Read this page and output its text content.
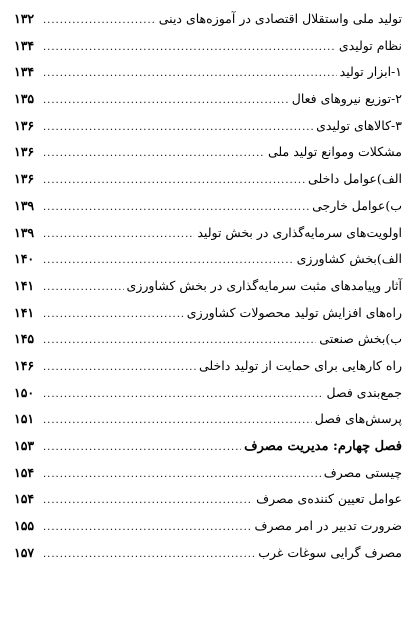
۱۳۲ .....	تولید ملی واستقلال اقتصادی در آموزه‌های دینی
۱۳۴ .....	نظام تولیدی
۱۳۴ .....	۱-ابزار تولید
۱۳۵ .....	۲-توزیع نیروهای فعال
۱۳۶ .....	۳-کالاهای تولیدی
۱۳۶ .....	مشکلات وموانع تولید ملی
۱۳۶ .....	الف)عوامل داخلی
۱۳۹ .....	ب)عوامل خارجی
۱۳۹ .....	اولویت‌های سرمایه‌گذاری در بخش تولید
۱۴۰ .....	الف)بخش کشاورزی
۱۴۱ .....	آثار وپیامدهای مثبت سرمایه‌گذاری در بخش کشاورزی
۱۴۱ .....	راه‌های افزایش تولید محصولات کشاورزی
۱۴۵ .....	ب)بخش صنعتی
۱۴۶ .....	راه کارهایی برای حمایت از تولید داخلی
۱۵۰ .....	جمع‌بندی فصل
۱۵۱ .....	پرسش‌های فصل
۱۵۳ .....	فصل چهارم: مدیریت مصرف
۱۵۴ .....	چیستی مصرف
۱۵۴ .....	عوامل تعیین کننده‌ی مصرف
۱۵۵ .....	ضرورت تدبیر در امر مصرف
۱۵۷ .....	مصرف گرایی سوغات غرب
